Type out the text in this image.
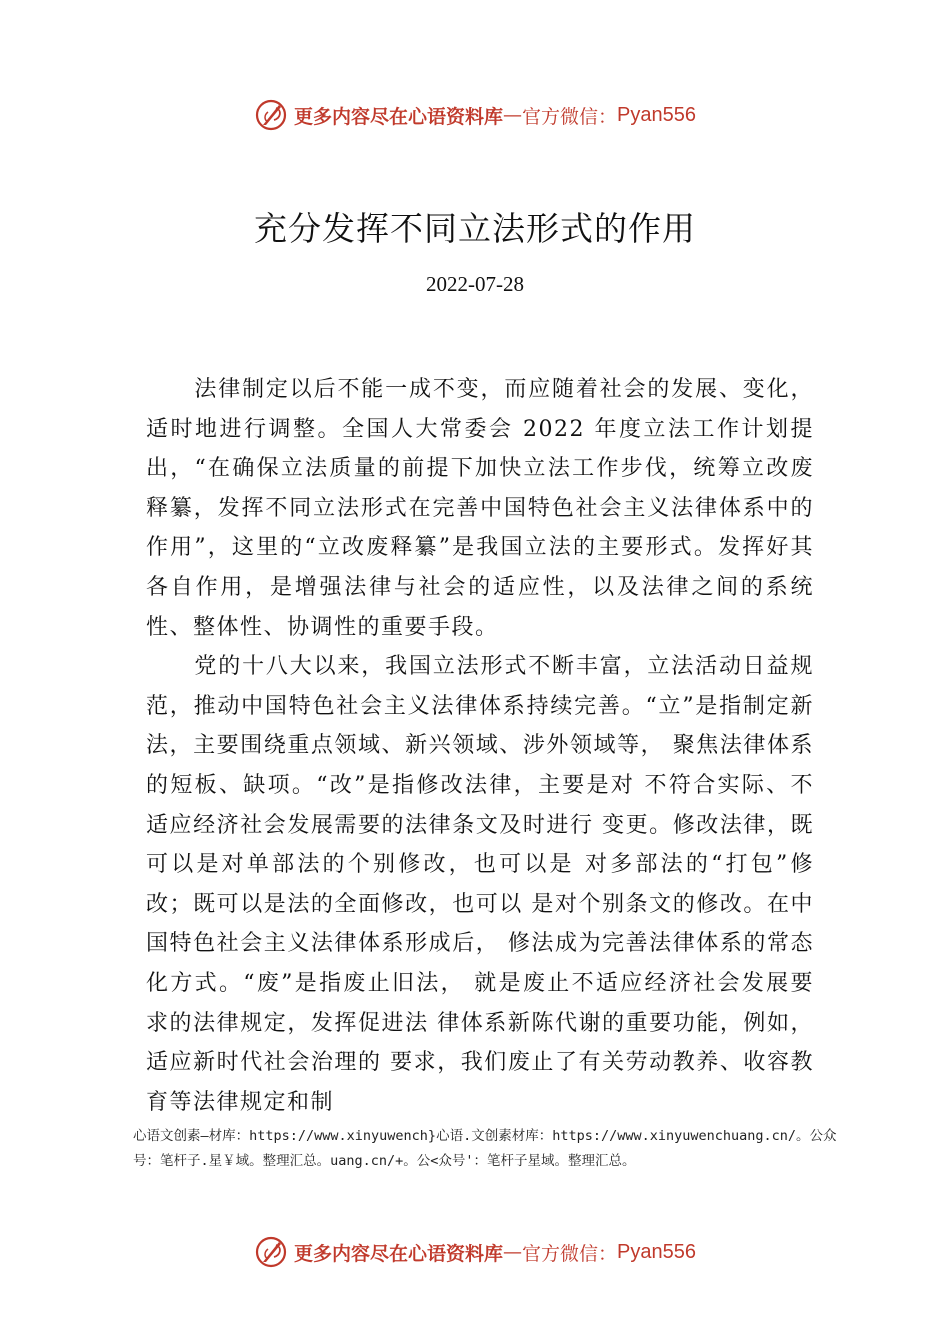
更多内容尽在心语资料库 — 官方微信： Pyan556
充分发挥不同立法形式的作用
2022-07-28

法律制定以后不能一成不变，而应随着社会的发展、变化，适时地进行调整。全国人大常委会 2022 年度立法工作计划提出，“在确保立法质量的前提下加快立法工作步伐，统筹立改废释纂，发挥不同立法形式在完善中国特色社会主义法律体系中的作用”，这里的“立改废释纂”是我国立法的主要形式。发挥好其各自作用，是增强法律与社会的适应性，以及法律之间的系统性、整体性、协调性的重要手段。

党的十八大以来，我国立法形式不断丰富，立法活动日益规范，推动中国特色社会主义法律体系持续完善。“立”是指制定新法，主要围绕重点领域、新兴领域、涉外领域等， 聚焦法律体系的短板、缺项。“改”是指修改法律，主要是对 不符合实际、不适应经济社会发展需要的法律条文及时进行 变更。修改法律，既可以是对单部法的个别修改，也可以是 对多部法的“打包”修改；既可以是法的全面修改，也可以 是对个别条文的修改。在中国特色社会主义法律体系形成后， 修法成为完善法律体系的常态化方式。“废”是指废止旧法， 就是废止不适应经济社会发展要求的法律规定，发挥促进法 律体系新陈代谢的重要功能，例如，适应新时代社会治理的 要求，我们废止了有关劳动教养、收容教育等法律规定和制

心语文创素—材库：https://www.xinyuwench}心语.文创素材库：https://www.xinyuwenchuang.cn/。公众号：笔杆子.星￥域。整理汇总。uang.cn/+。公<众号'：笔杆子星域。整理汇总。
更多内容尽在心语资料库 — 官方微信： Pyan556
